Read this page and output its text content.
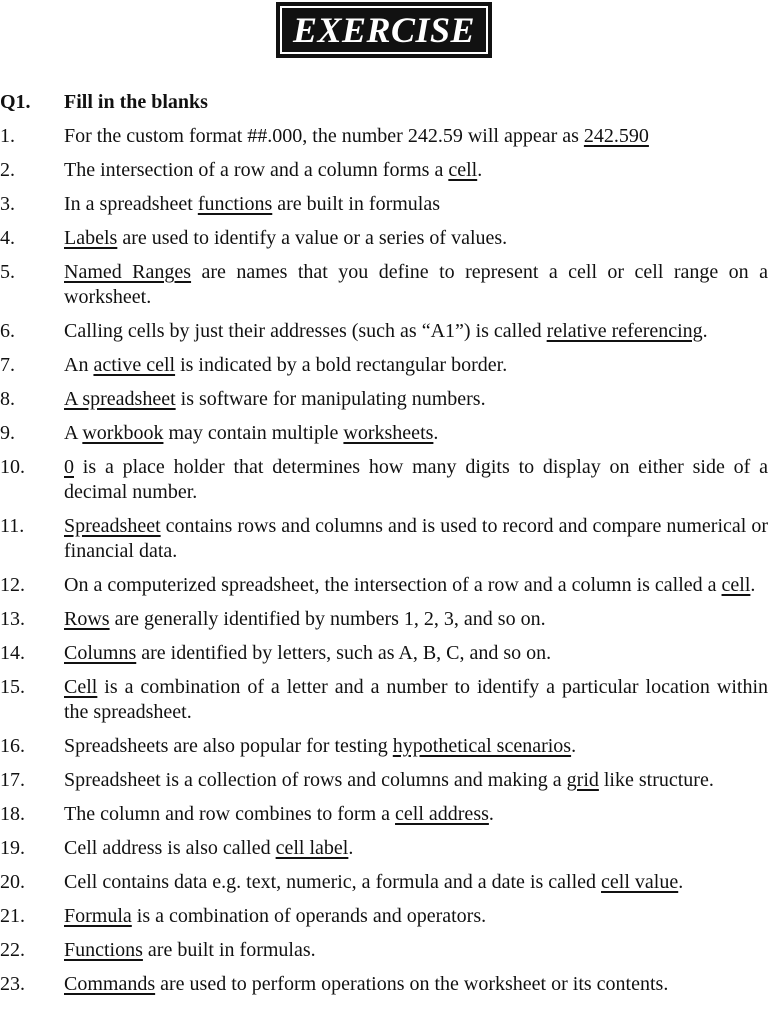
EXERCISE
Q1.	Fill in the blanks
1.	For the custom format ##.000, the number 242.59 will appear as 242.590
2.	The intersection of a row and a column forms a cell.
3.	In a spreadsheet functions are built in formulas
4.	Labels are used to identify a value or a series of values.
5.	Named Ranges are names that you define to represent a cell or cell range on a worksheet.
6.	Calling cells by just their addresses (such as “A1”) is called relative referencing.
7.	An active cell is indicated by a bold rectangular border.
8.	A spreadsheet is software for manipulating numbers.
9.	A workbook may contain multiple worksheets.
10.	0 is a place holder that determines how many digits to display on either side of a decimal number.
11.	Spreadsheet contains rows and columns and is used to record and compare numerical or financial data.
12.	On a computerized spreadsheet, the intersection of a row and a column is called a cell.
13.	Rows are generally identified by numbers 1, 2, 3, and so on.
14.	Columns are identified by letters, such as A, B, C, and so on.
15.	Cell is a combination of a letter and a number to identify a particular location within the spreadsheet.
16.	Spreadsheets are also popular for testing hypothetical scenarios.
17.	Spreadsheet is a collection of rows and columns and making a grid like structure.
18.	The column and row combines to form a cell address.
19.	Cell address is also called cell label.
20.	Cell contains data e.g. text, numeric, a formula and a date is called cell value.
21.	Formula is a combination of operands and operators.
22.	Functions are built in formulas.
23.	Commands are used to perform operations on the worksheet or its contents.
